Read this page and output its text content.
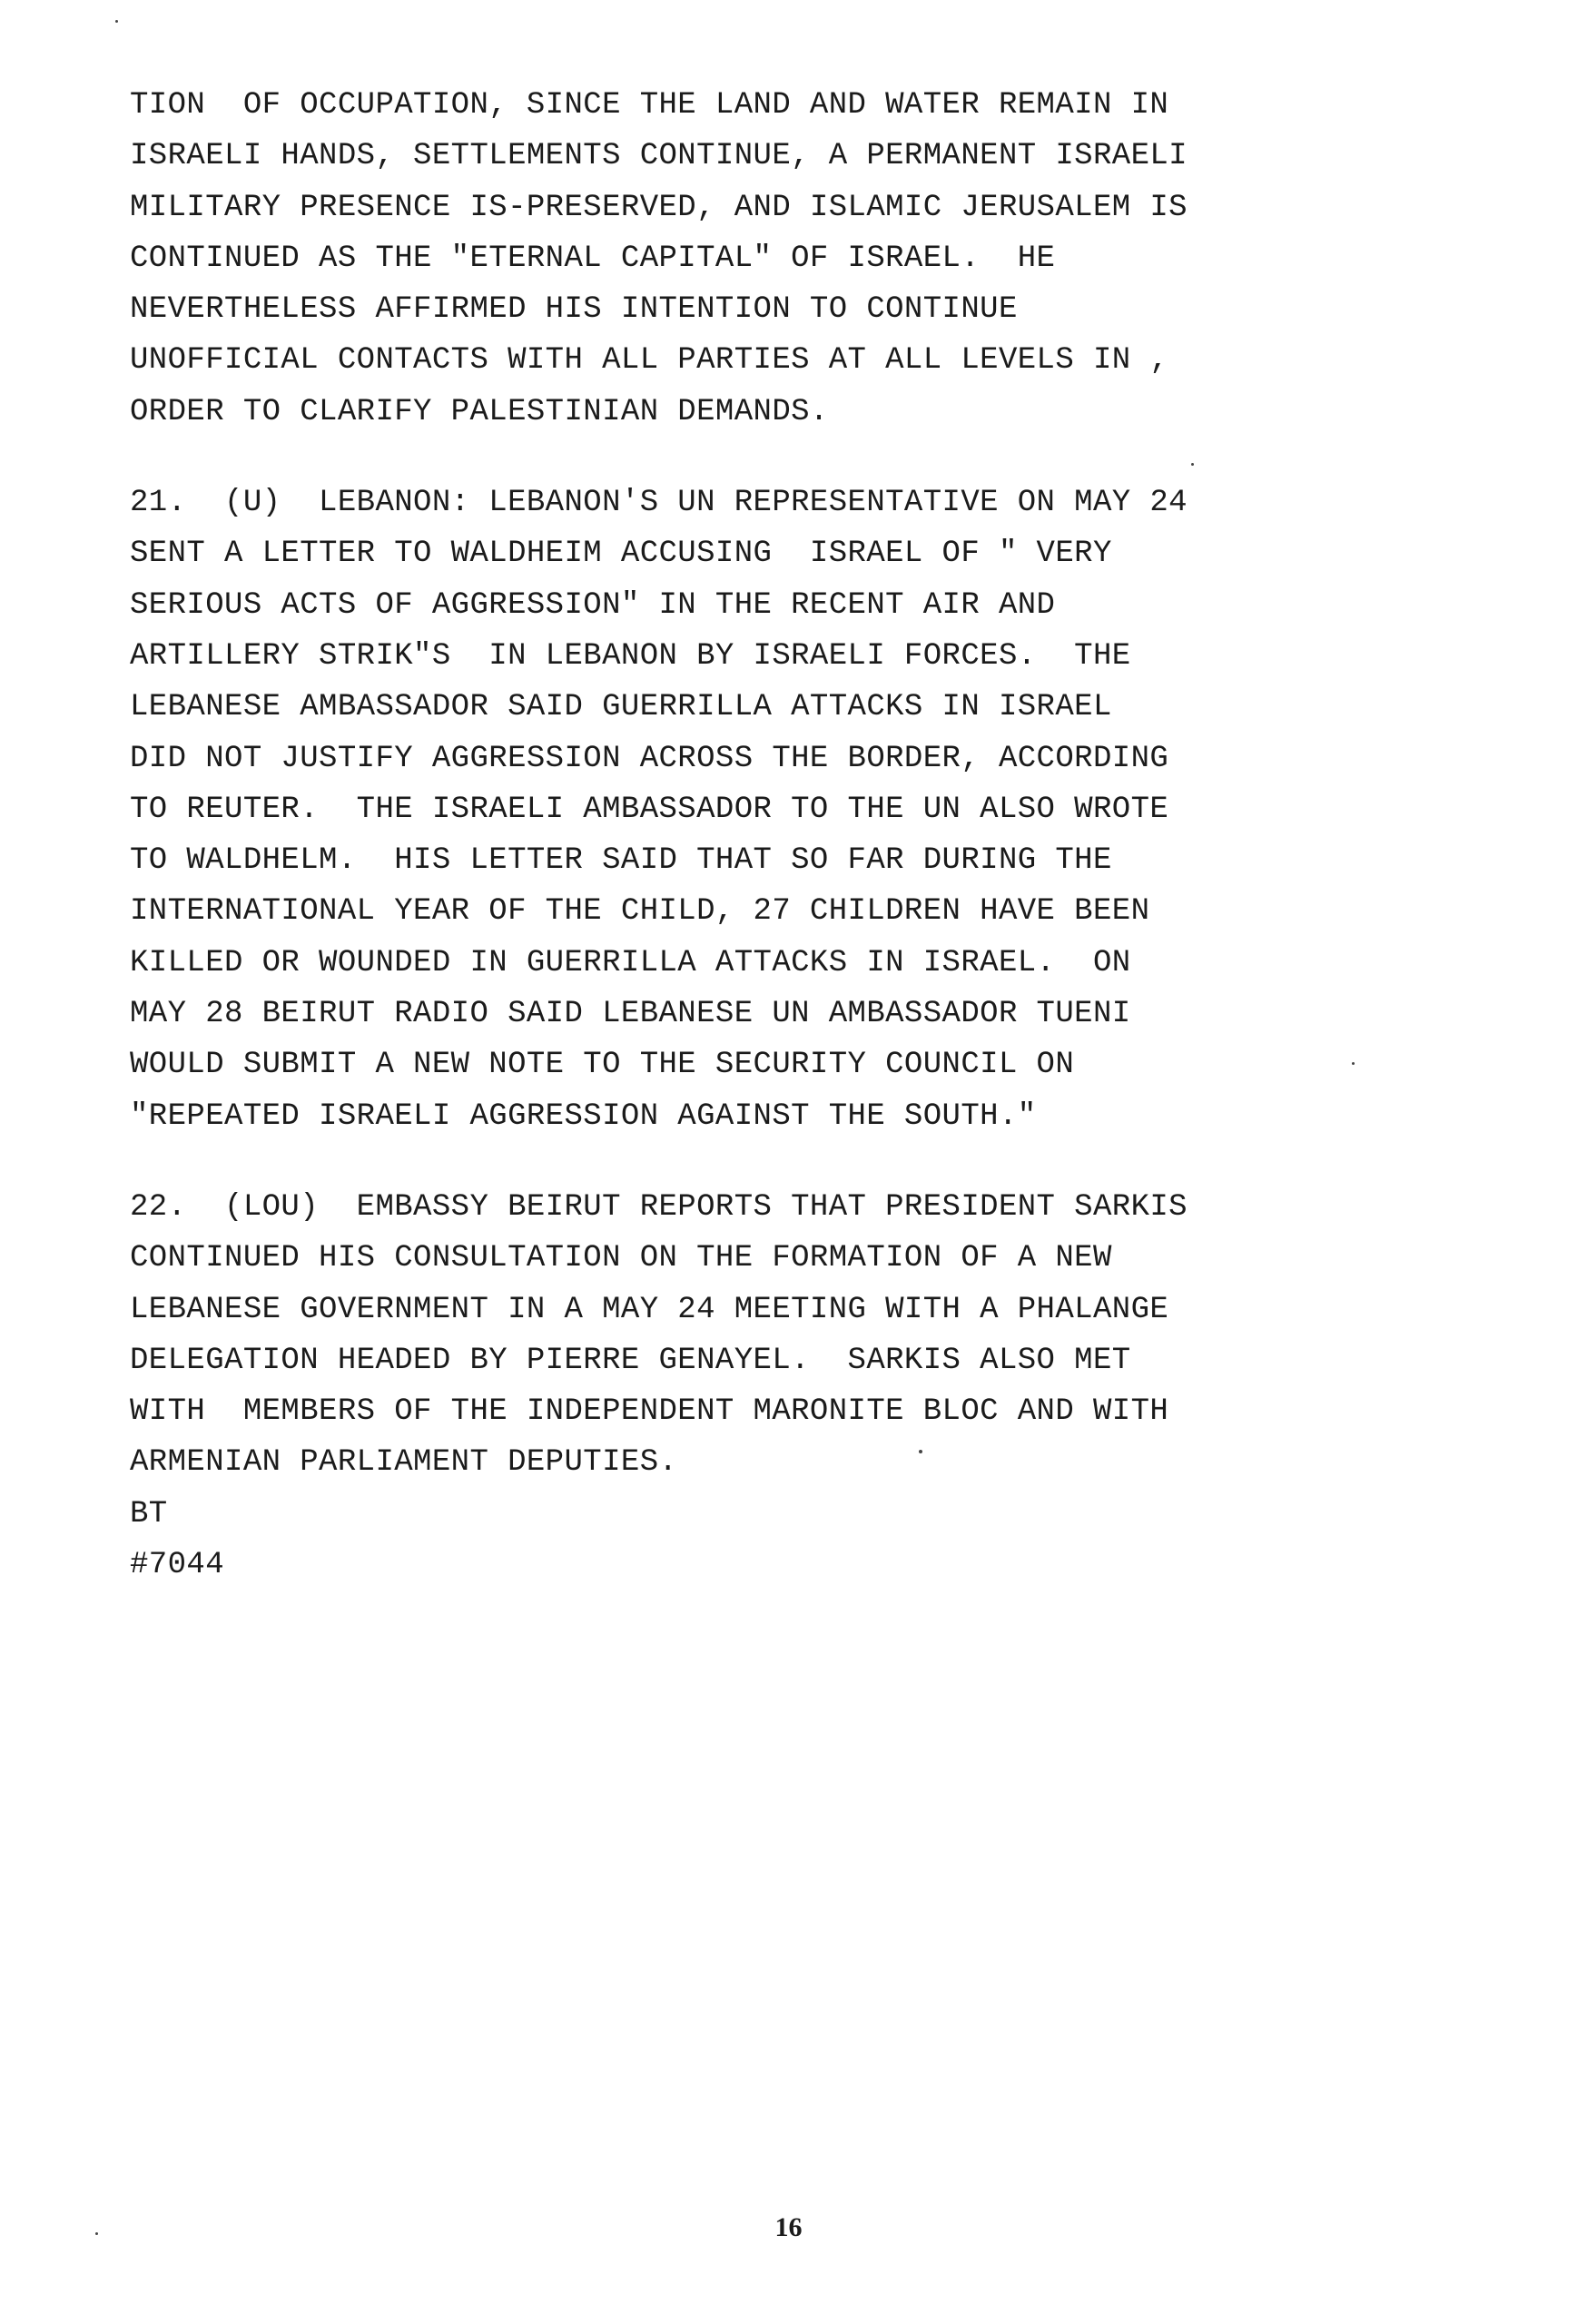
TION  OF OCCUPATION, SINCE THE LAND AND WATER REMAIN IN
ISRAELI HANDS, SETTLEMENTS CONTINUE, A PERMANENT ISRAELI
MILITARY PRESENCE IS-PRESERVED, AND ISLAMIC JERUSALEM IS
CONTINUED AS THE "ETERNAL CAPITAL" OF ISRAEL.  HE
NEVERTHELESS AFFIRMED HIS INTENTION TO CONTINUE
UNOFFICIAL CONTACTS WITH ALL PARTIES AT ALL LEVELS IN ,
ORDER TO CLARIFY PALESTINIAN DEMANDS.
21.  (U)  LEBANON: LEBANON'S UN REPRESENTATIVE ON MAY 24
SENT A LETTER TO WALDHEIM ACCUSING  ISRAEL OF " VERY
SERIOUS ACTS OF AGGRESSION" IN THE RECENT AIR AND
ARTILLERY STRIK"S  IN LEBANON BY ISRAELI FORCES.  THE
LEBANESE AMBASSADOR SAID GUERRILLA ATTACKS IN ISRAEL
DID NOT JUSTIFY AGGRESSION ACROSS THE BORDER, ACCORDING
TO REUTER.  THE ISRAELI AMBASSADOR TO THE UN ALSO WROTE
TO WALDHELM.  HIS LETTER SAID THAT SO FAR DURING THE
INTERNATIONAL YEAR OF THE CHILD, 27 CHILDREN HAVE BEEN
KILLED OR WOUNDED IN GUERRILLA ATTACKS IN ISRAEL.  ON
MAY 28 BEIRUT RADIO SAID LEBANESE UN AMBASSADOR TUENI
WOULD SUBMIT A NEW NOTE TO THE SECURITY COUNCIL ON
"REPEATED ISRAELI AGGRESSION AGAINST THE SOUTH."
22.  (LOU)  EMBASSY BEIRUT REPORTS THAT PRESIDENT SARKIS
CONTINUED HIS CONSULTATION ON THE FORMATION OF A NEW
LEBANESE GOVERNMENT IN A MAY 24 MEETING WITH A PHALANGE
DELEGATION HEADED BY PIERRE GENAYEL.  SARKIS ALSO MET
WITH  MEMBERS OF THE INDEPENDENT MARONITE BLOC AND WITH
ARMENIAN PARLIAMENT DEPUTIES.
BT
#7044
16
